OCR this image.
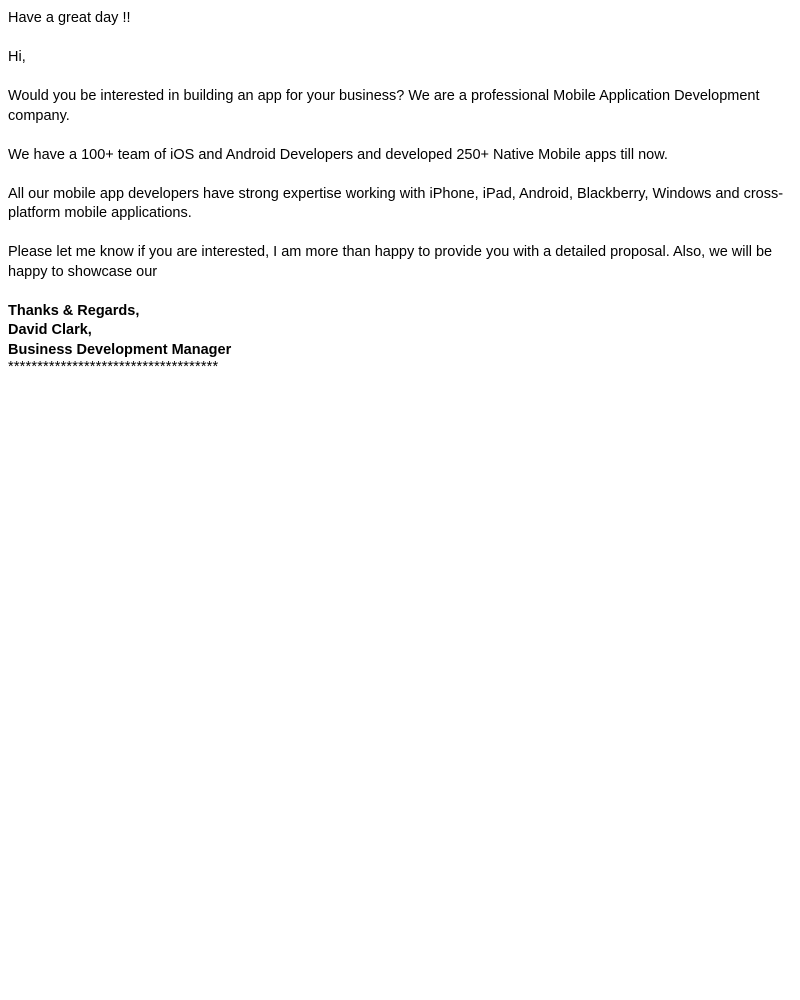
Have a great day !!

Hi,

Would you be interested in building an app for your business? We are a professional Mobile Application Development company.

We have a 100+ team of iOS and Android Developers and developed 250+ Native Mobile apps till now.

All our mobile app developers have strong expertise working with iPhone, iPad, Android, Blackberry, Windows and cross-platform mobile applications.

Please let me know if you are interested, I am more than happy to provide you with a detailed proposal. Also, we will be happy to showcase our

Thanks & Regards,
David Clark,
Business Development Manager
************************************
